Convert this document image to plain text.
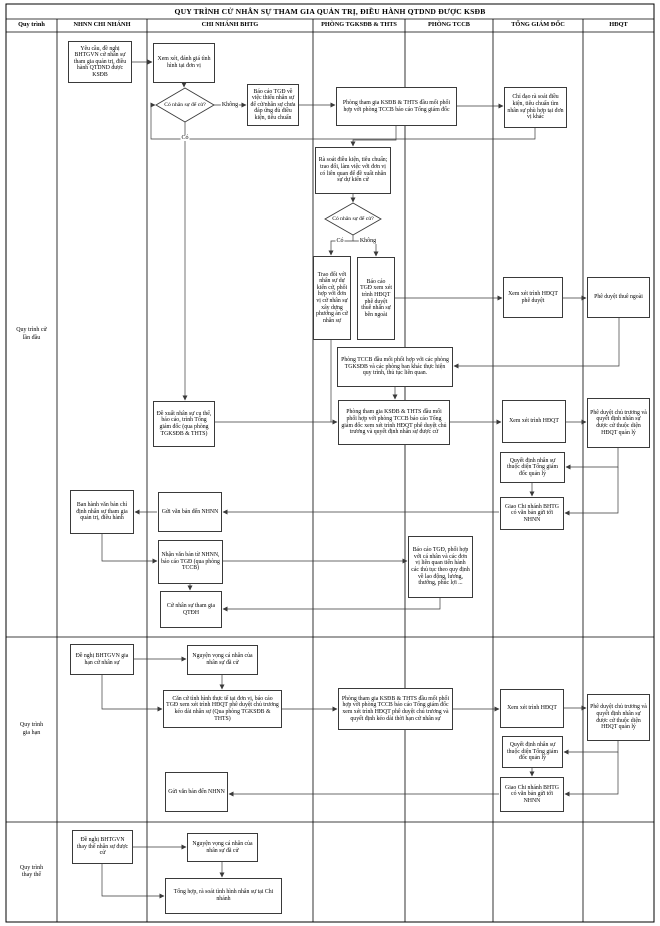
QUY TRÌNH CỬ NHÂN SỰ THAM GIA QUẢN TRỊ, ĐIỀU HÀNH QTDND ĐƯỢC KSĐB
Quy trình	NHNN CHI NHÁNH	CHI NHÁNH BHTG	PHÒNG TGKSĐB & THTS	PHÒNG TCCB	TỔNG GIÁM ĐỐC	HĐQT
Quy trình cử lần đầu
Quy trình gia hạn
Quy trình thay thế
Yêu cầu, đề nghị BHTGVN cử nhân sự tham gia quản trị, điều hành QTDND được KSĐB
Xem xét, đánh giá tình hình tại đơn vị
Có nhân sự để cử?
Báo cáo TGĐ về việc thiếu nhân sự để cử/nhân sự chưa đáp ứng đủ điều kiện, tiêu chuẩn
Phòng tham gia KSĐB & THTS đầu mối phối hợp với phòng TCCB báo cáo Tổng giám đốc
Chỉ đạo rà soát điều kiện, tiêu chuẩn tìm nhân sự phù hợp tại đơn vị khác
Rà soát điều kiện, tiêu chuẩn; trao đổi, làm việc với đơn vị có liên quan để đề xuất nhân sự dự kiến cử
Có nhân sự để cử?
Trao đổi với nhân sự dự kiến cử, phối hợp với đơn vị cử nhân sự xây dựng phương án cử nhân sự
Báo cáo TGĐ xem xét trình HĐQT phê duyệt thuê nhân sự bên ngoài
Xem xét trình HĐQT phê duyệt
Phê duyệt thuê ngoài
Phòng TCCB đầu mối phối hợp với các phòng TGKSĐB và các phòng ban khác thực hiện quy trình, thủ tục liên quan.
Đề xuất nhân sự cụ thể, báo cáo, trình Tổng giám đốc (qua phòng TGKSĐB & THTS)
Phòng tham gia KSĐB & THTS đầu mối phối hợp với phòng TCCB báo cáo Tổng giám đốc xem xét trình HĐQT phê duyệt chủ trương và quyết định nhân sự được cử
Xem xét trình HĐQT
Phê duyệt chủ trương và quyết định nhân sự được cử thuộc diện HĐQT quản lý
Quyết định nhân sự thuộc diện Tổng giám đốc quản lý
Giao Chi nhánh BHTG có văn bản gửi tới NHNN
Ban hành văn bản chỉ định nhân sự tham gia quản trị, điều hành
Gửi văn bản đến NHNN
Nhận văn bản từ NHNN, báo cáo TGĐ (qua phòng TCCB)
Báo cáo TGĐ, phối hợp với cá nhân và các đơn vị liên quan tiến hành các thủ tục theo quy định về lao động, lương, thưởng, phúc lợi ...
Cử nhân sự tham gia QTĐH
Đề nghị BHTGVN gia hạn cử nhân sự
Nguyện vọng cá nhân của nhân sự đã cử
Căn cứ tình hình thực tế tại đơn vị, báo cáo TGĐ xem xét trình HĐQT phê duyệt chủ trương kéo dài nhân sự (Qua phòng TGKSĐB & THTS)
Phòng tham gia KSĐB & THTS đầu mối phối hợp với phòng TCCB báo cáo Tổng giám đốc xem xét trình HĐQT phê duyệt chủ trương và quyết định kéo dài thời hạn cử nhân sự
Xem xét trình HĐQT	Phê duyệt chủ trương và quyết định nhân sự được cử thuộc diện HĐQT quản lý
Quyết định nhân sự thuộc diện Tổng giám đốc quản lý
Giao Chi nhánh BHTG có văn bản gửi tới NHNN
Gửi văn bản đến NHNN
Đề nghị BHTGVN thay thế nhân sự được cử
Nguyện vọng cá nhân của nhân sự đã cử
Tổng hợp, rà soát tình hình nhân sự tại Chi nhánh
Không
Có
Có	Không
